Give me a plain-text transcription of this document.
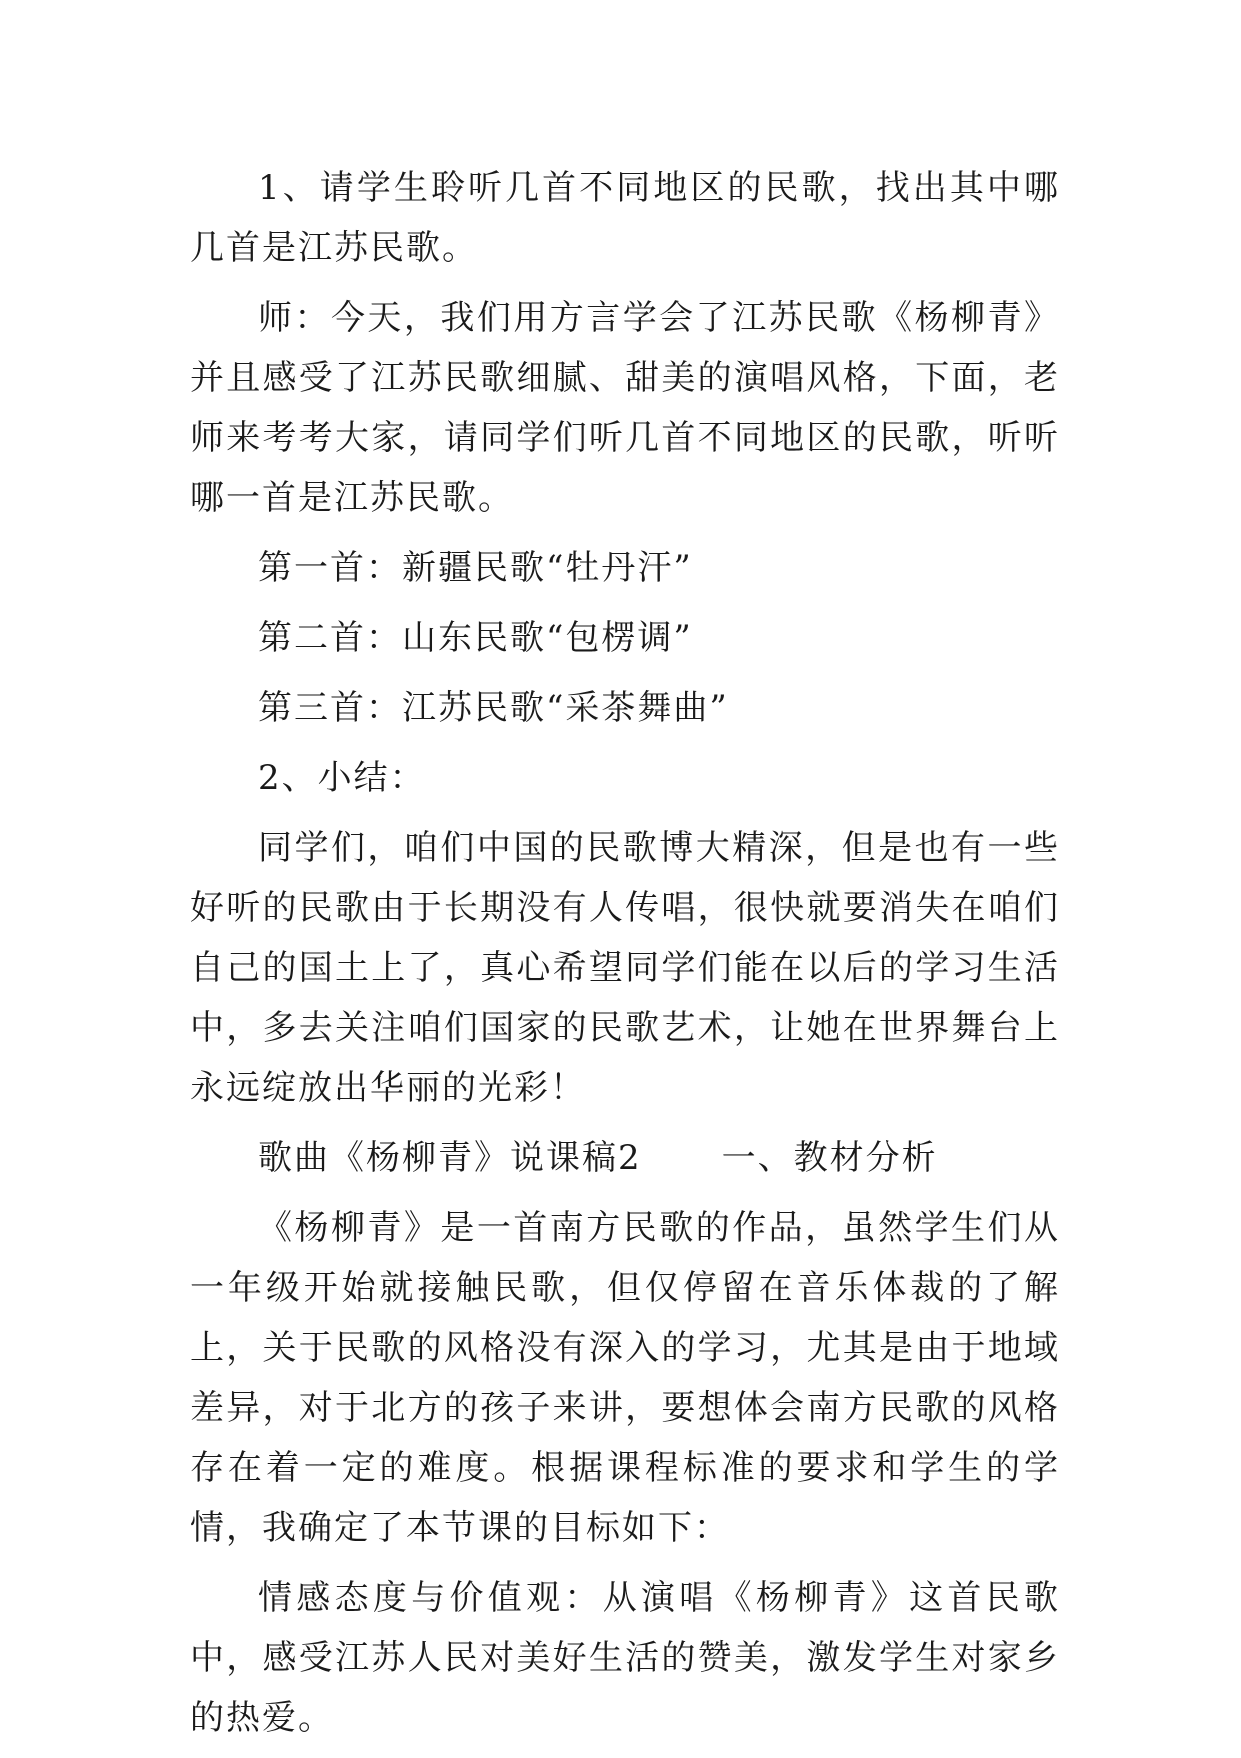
1、请学生聆听几首不同地区的民歌，找出其中哪几首是江苏民歌。

师：今天，我们用方言学会了江苏民歌《杨柳青》并且感受了江苏民歌细腻、甜美的演唱风格，下面，老师来考考大家，请同学们听几首不同地区的民歌，听听哪一首是江苏民歌。

第一首：新疆民歌“牡丹汗”

第二首：山东民歌“包楞调”

第三首：江苏民歌“采茶舞曲”

2、小结：

同学们，咱们中国的民歌博大精深，但是也有一些好听的民歌由于长期没有人传唱，很快就要消失在咱们自己的国土上了，真心希望同学们能在以后的学习生活中，多去关注咱们国家的民歌艺术，让她在世界舞台上永远绽放出华丽的光彩！

歌曲《杨柳青》说课稿2 一、教材分析

《杨柳青》是一首南方民歌的作品，虽然学生们从一年级开始就接触民歌，但仅停留在音乐体裁的了解上，关于民歌的风格没有深入的学习，尤其是由于地域差异，对于北方的孩子来讲，要想体会南方民歌的风格存在着一定的难度。根据课程标准的要求和学生的学情，我确定了本节课的目标如下：

情感态度与价值观：从演唱《杨柳青》这首民歌中，感受江苏人民对美好生活的赞美，激发学生对家乡的热爱。
